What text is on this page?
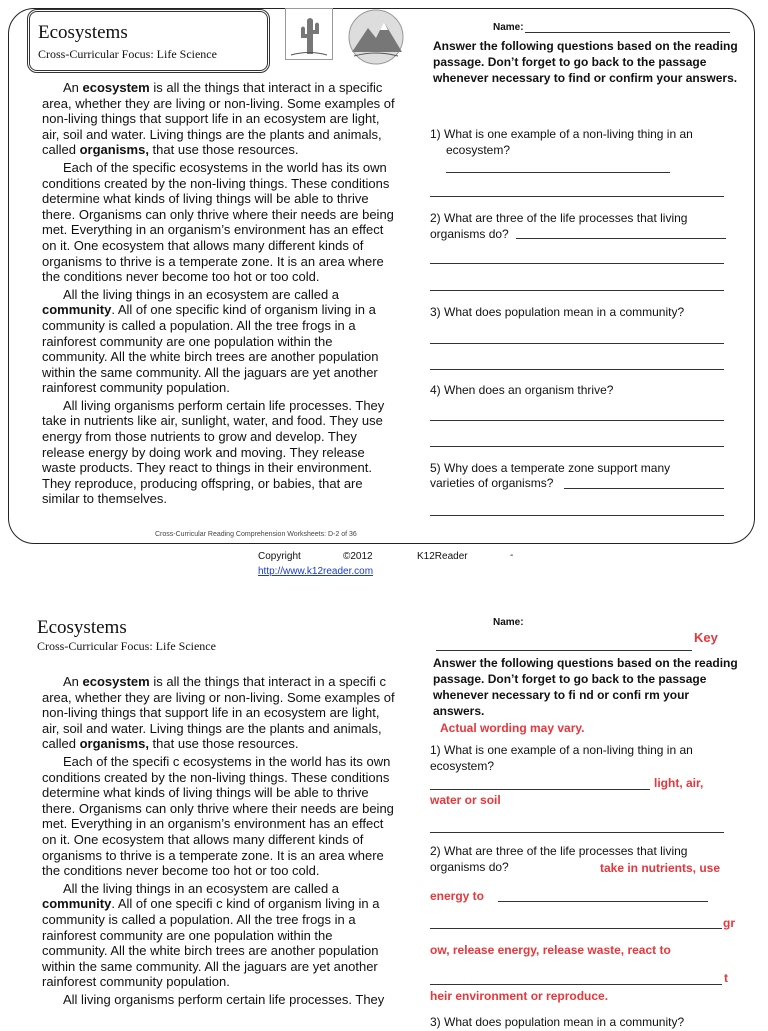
Ecosystems
Cross-Curricular Focus: Life Science

An ecosystem is all the things that interact in a specific area, whether they are living or non-living. Some examples of non-living things that support life in an ecosystem are light, air, soil and water. Living things are the plants and animals, called organisms, that use those resources.

Each of the specific ecosystems in the world has its own conditions created by the non-living things. These conditions determine what kinds of living things will be able to thrive there. Organisms can only thrive where their needs are being met. Everything in an organism’s environment has an effect on it. One ecosystem that allows many different kinds of organisms to thrive is a temperate zone. It is an area where the conditions never become too hot or too cold.

All the living things in an ecosystem are called a community. All of one specific kind of organism living in a community is called a population. All the tree frogs in a rainforest community are one population within the community. All the white birch trees are another population within the same community. All the jaguars are yet another rainforest community population.

All living organisms perform certain life processes. They take in nutrients like air, sunlight, water, and food. They use energy from those nutrients to grow and develop. They release energy by doing work and moving. They release waste products. They react to things in their environment. They reproduce, producing offspring, or babies, that are similar to themselves.

Name:
Answer the following questions based on the reading passage. Don’t forget to go back to the passage whenever necessary to find or confirm your answers.
1) What is one example of a non-living thing in an
ecosystem?
2) What are three of the life processes that living
organisms do?
3) What does population mean in a community?
4) When does an organism thrive?
5) Why does a temperate zone support many
varieties of organisms?
Cross-Curricular Reading Comprehension Worksheets: D-2 of 36
Copyright	©2012	K12Reader	-
http://www.k12reader.com
Ecosystems
Cross-Curricular Focus: Life Science

An ecosystem is all the things that interact in a specifi c area, whether they are living or non-living. Some examples of non-living things that support life in an ecosystem are light, air, soil and water. Living things are the plants and animals, called organisms, that use those resources.

Each of the specifi c ecosystems in the world has its own conditions created by the non-living things. These conditions determine what kinds of living things will be able to thrive there. Organisms can only thrive where their needs are being met. Everything in an organism’s environment has an effect on it. One ecosystem that allows many different kinds of organisms to thrive is a temperate zone. It is an area where the conditions never become too hot or too cold.

All the living things in an ecosystem are called a community. All of one specifi c kind of organism living in a community is called a population. All the tree frogs in a rainforest community are one population within the community. All the white birch trees are another population within the same community. All the jaguars are yet another rainforest community population.

All living organisms perform certain life processes. They

Name:
Key
Answer the following questions based on the reading passage. Don’t forget to go back to the passage whenever necessary to fi nd or confi rm your answers.
Actual wording may vary.
1) What is one example of a non-living thing in an
ecosystem?
light, air,
water or soil
2) What are three of the life processes that living
organisms do?	take in nutrients, use
energy to
gr
ow, release energy, release waste, react to
t
heir environment or reproduce.
3) What does population mean in a community?
